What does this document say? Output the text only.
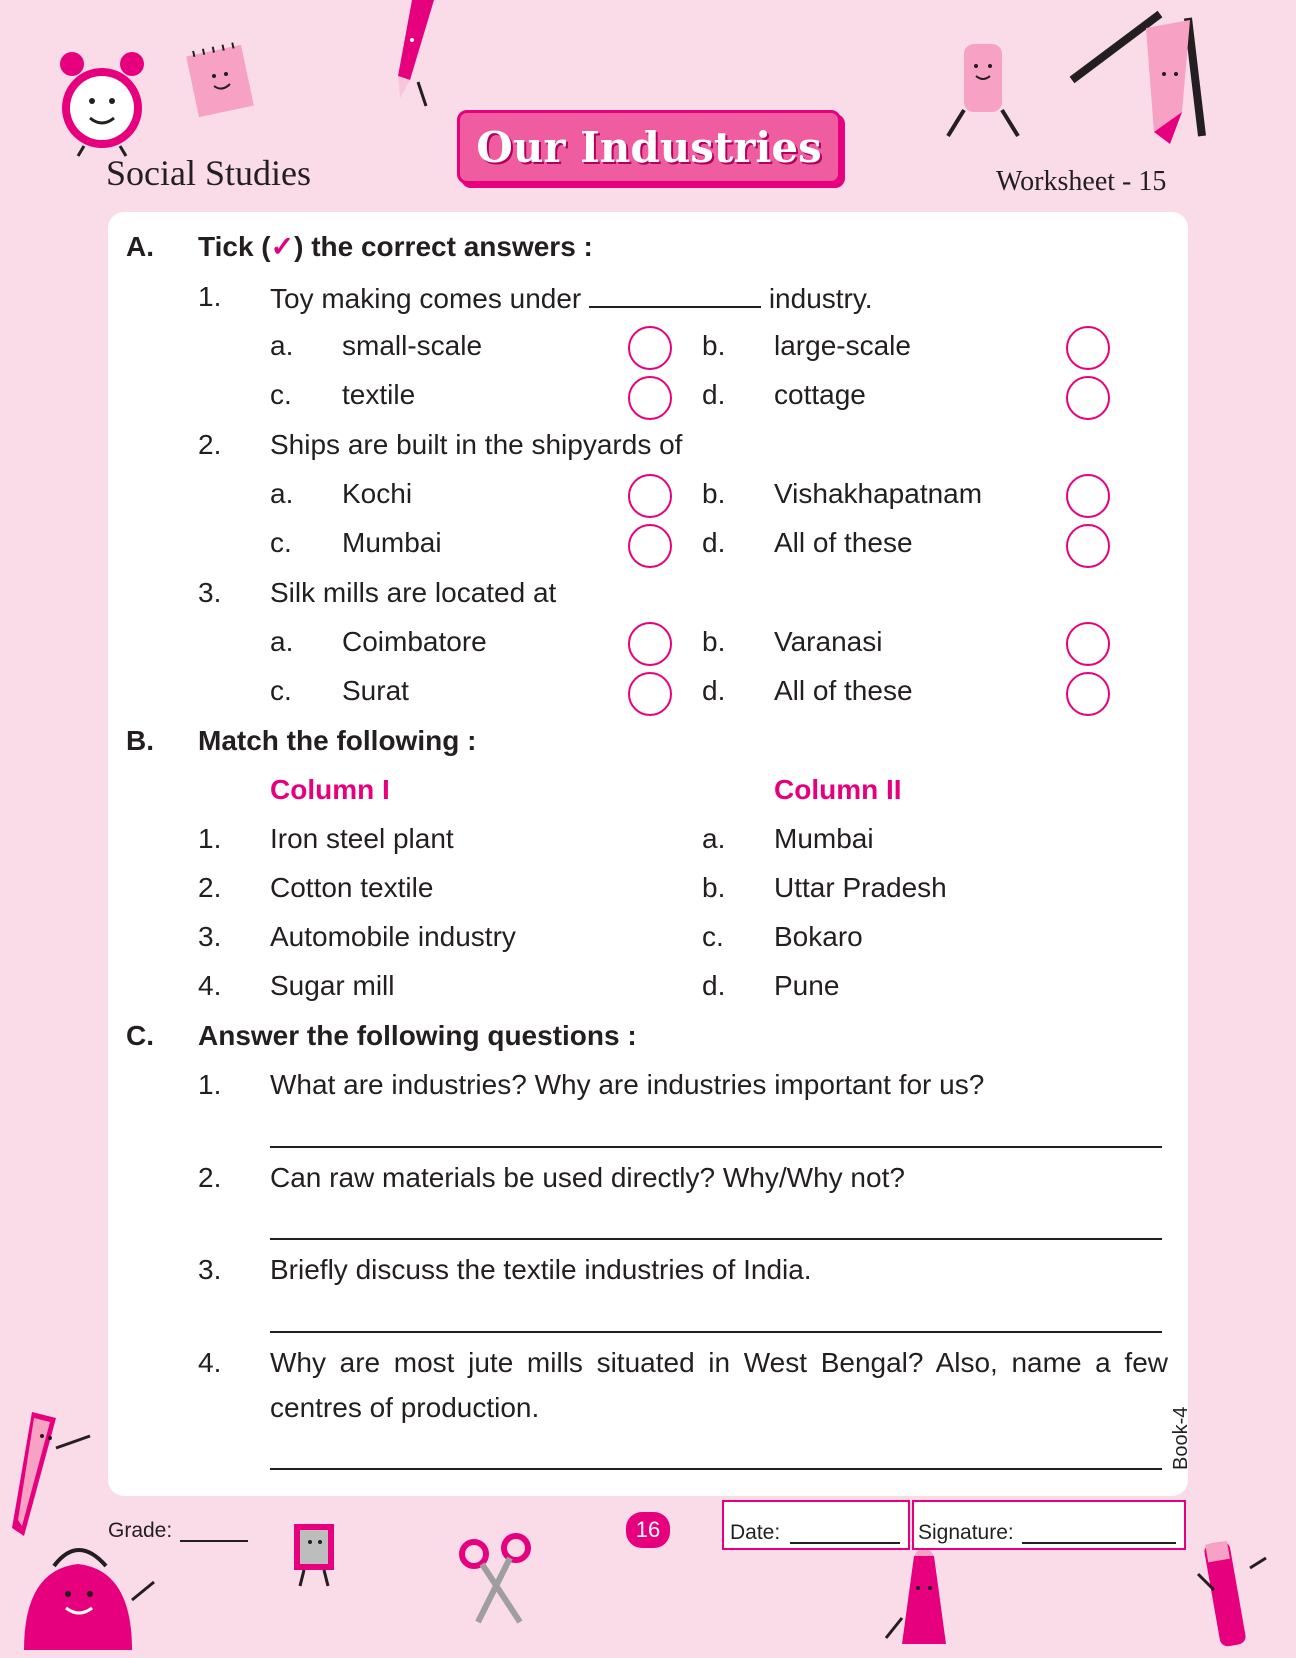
Social Studies
Our Industries
Worksheet - 15
A. Tick (✓) the correct answers :
1. Toy making comes under	industry.
a. small-scale	b. large-scale
c. textile	d. cottage
2. Ships are built in the shipyards of
a. Kochi	b. Vishakhapatnam
c. Mumbai	d. All of these
3. Silk mills are located at
a. Coimbatore	b. Varanasi
c. Surat	d. All of these
B. Match the following :
Column I	Column II
1. Iron steel plant	a. Mumbai
2. Cotton textile	b. Uttar Pradesh
3. Automobile industry	c. Bokaro
4. Sugar mill	d. Pune
C. Answer the following questions :
1. What are industries? Why are industries important for us?
2. Can raw materials be used directly? Why/Why not?
3. Briefly discuss the textile industries of India.
4. Why are most jute mills situated in West Bengal? Also, name a few
centres of production.	Book-4
Grade:	16	Date:	Signature:
